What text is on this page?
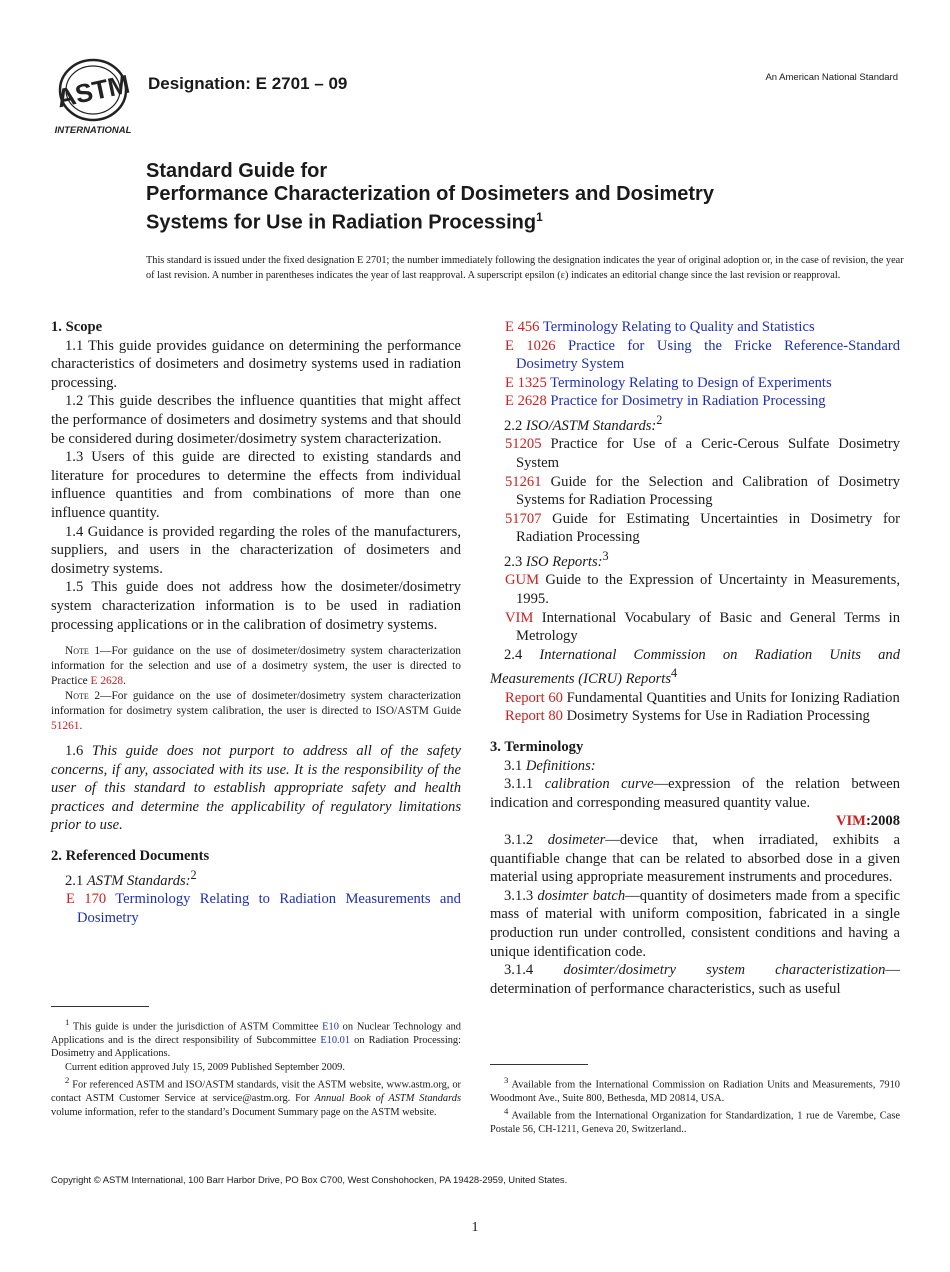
ASTM
INTERNATIONAL
Designation: E 2701 – 09	An American National Standard
Standard Guide for
Performance Characterization of Dosimeters and Dosimetry
Systems for Use in Radiation Processing$^1$
This standard is issued under the fixed designation E 2701; the number immediately following the designation indicates the year of original adoption or, in the case of revision, the year of last revision. A number in parentheses indicates the year of last reapproval. A superscript epsilon (ε) indicates an editorial change since the last revision or reapproval.

1. Scope

1.1 This guide provides guidance on determining the performance characteristics of dosimeters and dosimetry systems used in radiation processing.

1.2 This guide describes the influence quantities that might affect the performance of dosimeters and dosimetry systems and that should be considered during dosimeter/dosimetry system characterization.

1.3 Users of this guide are directed to existing standards and literature for procedures to determine the effects from individual influence quantities and from combinations of more than one influence quantity.

1.4 Guidance is provided regarding the roles of the manufacturers, suppliers, and users in the characterization of dosimeters and dosimetry systems.

1.5 This guide does not address how the dosimeter/dosimetry system characterization information is to be used in radiation processing applications or in the calibration of dosimetry systems.

Note 1—For guidance on the use of dosimeter/dosimetry system characterization information for the selection and use of a dosimetry system, the user is directed to Practice E 2628.

Note 2—For guidance on the use of dosimeter/dosimetry system characterization information for dosimetry system calibration, the user is directed to ISO/ASTM Guide 51261.

1.6 This guide does not purport to address all of the safety concerns, if any, associated with its use. It is the responsibility of the user of this standard to establish appropriate safety and health practices and determine the applicability of regulatory limitations prior to use.

2. Referenced Documents

2.1 ASTM Standards:$^2$

E 170 Terminology Relating to Radiation Measurements and Dosimetry

E 456 Terminology Relating to Quality and Statistics

E 1026 Practice for Using the Fricke Reference-Standard Dosimetry System

E 1325 Terminology Relating to Design of Experiments

E 2628 Practice for Dosimetry in Radiation Processing

2.2 ISO/ASTM Standards:$^2$

51205 Practice for Use of a Ceric-Cerous Sulfate Dosimetry System

51261 Guide for the Selection and Calibration of Dosimetry Systems for Radiation Processing

51707 Guide for Estimating Uncertainties in Dosimetry for Radiation Processing

2.3 ISO Reports:$^3$

GUM Guide to the Expression of Uncertainty in Measurements, 1995.

VIM International Vocabulary of Basic and General Terms in Metrology

2.4 International Commission on Radiation Units and Measurements (ICRU) Reports$^4$

Report 60 Fundamental Quantities and Units for Ionizing Radiation

Report 80 Dosimetry Systems for Use in Radiation Processing

3. Terminology

3.1 Definitions:

3.1.1 calibration curve—expression of the relation between indication and corresponding measured quantity value.

VIM:2008

3.1.2 dosimeter—device that, when irradiated, exhibits a quantifiable change that can be related to absorbed dose in a given material using appropriate measurement instruments and procedures.

3.1.3 dosimter batch—quantity of dosimeters made from a specific mass of material with uniform composition, fabricated in a single production run under controlled, consistent conditions and having a unique identification code.

3.1.4 dosimter/dosimetry system characteristization—determination of performance characteristics, such as useful

$^1$ This guide is under the jurisdiction of ASTM Committee E10 on Nuclear Technology and Applications and is the direct responsibility of Subcommittee E10.01 on Radiation Processing: Dosimetry and Applications.

Current edition approved July 15, 2009 Published September 2009.

$^2$ For referenced ASTM and ISO/ASTM standards, visit the ASTM website, www.astm.org, or contact ASTM Customer Service at service@astm.org. For Annual Book of ASTM Standards volume information, refer to the standard’s Document Summary page on the ASTM website.

$^3$ Available from the International Commission on Radiation Units and Measurements, 7910 Woodmont Ave., Suite 800, Bethesda, MD 20814, USA.

$^4$ Available from the International Organization for Standardization, 1 rue de Varembe, Case Postale 56, CH-1211, Geneva 20, Switzerland..

Copyright © ASTM International, 100 Barr Harbor Drive, PO Box C700, West Conshohocken, PA 19428-2959, United States.
1
